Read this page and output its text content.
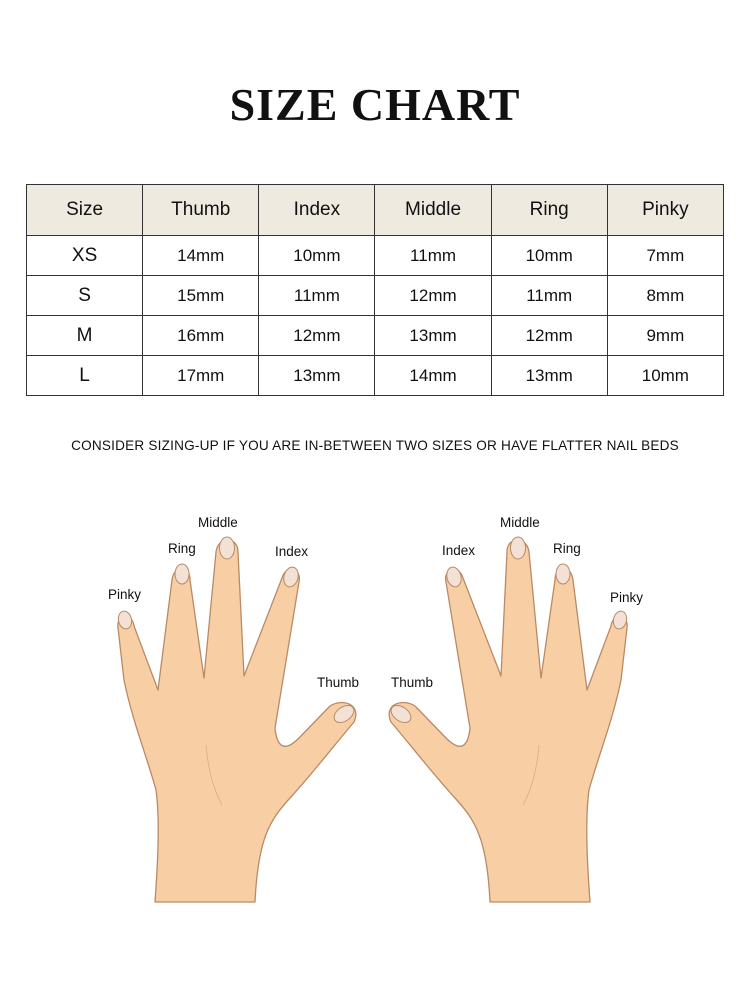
SIZE CHART
Size	Thumb	Index	Middle	Ring	Pinky
XS	14mm	10mm	11mm	10mm	7mm
S	15mm	11mm	12mm	11mm	8mm
M	16mm	12mm	13mm	12mm	9mm
L	17mm	13mm	14mm	13mm	10mm
CONSIDER SIZING-UP IF YOU ARE IN-BETWEEN TWO SIZES OR HAVE FLATTER NAIL BEDS
Middle
Ring	Index
Pinky
Thumb
Middle
Ring
Index
Pinky
Thumb
